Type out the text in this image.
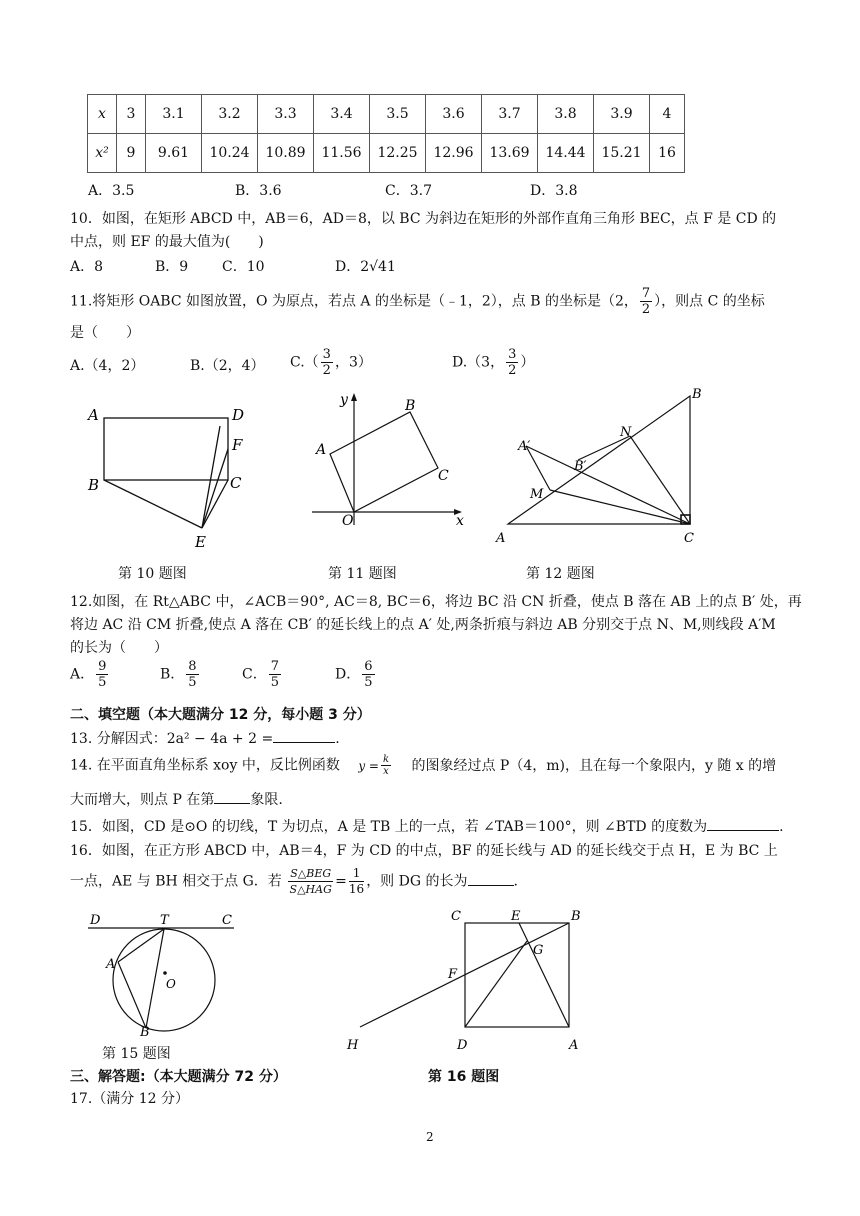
x	3	3.1	3.2	3.3	3.4	3.5	3.6	3.7	3.8	3.9	4
x²	9	9.61	10.24	10.89	11.56	12.25	12.96	13.69	14.44	15.21	16
A．3.5	B．3.6	C．3.7	D．3.8
10．如图，在矩形 ABCD 中，AB＝6，AD＝8，以 BC 为斜边在矩形的外部作直角三角形 BEC，点 F 是 CD 的
中点，则 EF 的最大值为(　　)
A．8	B．9 C．10	D．2√41
11.将矩形 OABC 如图放置，O 为原点，若点 A 的坐标是（﹣1，2），点 B 的坐标是（2， $\frac{7}{2}$ ），则点 C 的坐标
是（　　）
A.（4，2）	B.（2，4） $C.( \frac{3}{2}$ ，3）	D.（3， $\frac{3}{2}$ ）
A	D
F
B	C
E
第 10 题图
y	B
A
C
O	x
第 11 题图
B
N
A′
B′
M
A	C
第 12 题图
12.如图，在 Rt△ABC 中，∠ACB＝90°, AC＝8, BC＝6，将边 BC 沿 CN 折叠，使点 B 落在 AB 上的点 B′ 处，再
将边 AC 沿 CM 折叠,使点 A 落在 CB′ 的延长线上的点 A′ 处,两条折痕与斜边 AB 分别交于点 N、M,则线段 A′M
的长为（　　）
A． $\frac{9}{5}$	B． $\frac{8}{5}$	C． $\frac{7}{5}$	D． $\frac{6}{5}$
二、填空题（本大题满分 12 分，每小题 3 分）
13. 分解因式：2a² − 4a + 2 =	.
14. 在平面直角坐标系 xoy 中，反比例函数 $y = \frac{k}{x}$ 的图象经过点 P（4，m)，且在每一个象限内，y 随 x 的增
大而增大，则点 P 在第	象限.
15．如图，CD 是⊙O 的切线，T 为切点，A 是 TB 上的一点，若 ∠TAB＝100°，则 ∠BTD 的度数为	.
16．如图，在正方形 ABCD 中，AB＝4，F 为 CD 的中点，BF 的延长线与 AD 的延长线交于点 H，E 为 BC 上
一点，AE 与 BH 相交于点 G．若 $\frac{\text{S△BEG}}{\text{S△HAG}} = \frac{1}{16}$ ，则 DG 的长为	.
D	T	C
A
O
B
第 15 题图
C	E	B
G
F
H	D	A
三、解答题:（本大题满分 72 分）	第 16 题图
17.（满分 12 分）
2
